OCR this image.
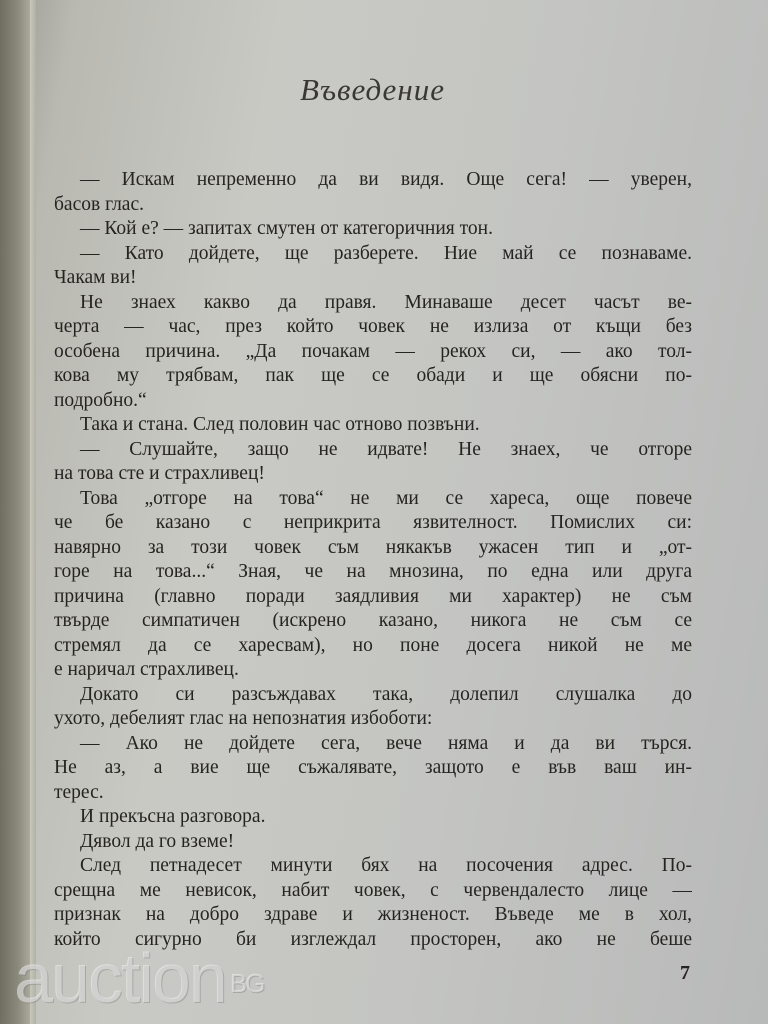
Въведение
— Искам непременно да ви видя. Още сега! — уверен,
басов глас.
— Кой е? — запитах смутен от категоричния тон.
— Като дойдете, ще разберете. Ние май се познаваме.
Чакам ви!
Не знаех какво да правя. Минаваше десет часът ве-
черта — час, през който човек не излиза от къщи без
особена причина. „Да почакам — рекох си, — ако тол-
кова му трябвам, пак ще се обади и ще обясни по-
подробно.“
Така и стана. След половин час отново позвъни.
— Слушайте, защо не идвате! Не знаех, че отгоре
на това сте и страхливец!
Това „отгоре на това“ не ми се хареса, още повече
че бе казано с неприкрита язвителност. Помислих си:
навярно за този човек съм някакъв ужасен тип и „от-
горе на това...“ Зная, че на мнозина, по една или друга
причина (главно поради заядливия ми характер) не съм
твърде симпатичен (искрено казано, никога не съм се
стремял да се харесвам), но поне досега никой не ме
е наричал страхливец.
Докато си разсъждавах така, долепил слушалка до
ухото, дебелият глас на непознатия избоботи:
— Ако не дойдете сега, вече няма и да ви търся.
Не аз, а вие ще съжалявате, защото е във ваш ин-
терес.
И прекъсна разговора.
Дявол да го вземе!
След петнадесет минути бях на посочения адрес. По-
срещна ме невисок, набит човек, с червендалесто лице —
признак на добро здраве и жизненост. Въведе ме в хол,
който сигурно би изглеждал просторен, ако не беше
7
auction BG
